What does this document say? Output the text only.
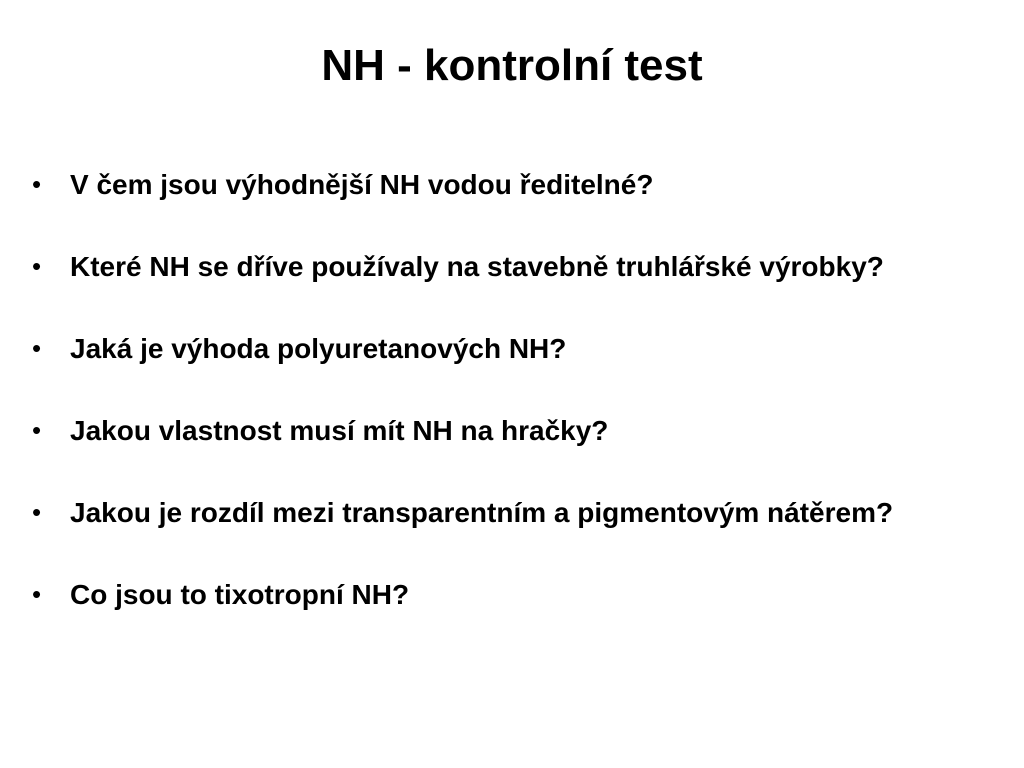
NH - kontrolní test
• V čem jsou výhodnější NH vodou ředitelné?
• Které NH se dříve používaly na stavebně truhlářské výrobky?
• Jaká je výhoda polyuretanových NH?
• Jakou vlastnost musí mít NH na hračky?
• Jakou je rozdíl mezi transparentním a pigmentovým nátěrem?
• Co jsou to tixotropní NH?
